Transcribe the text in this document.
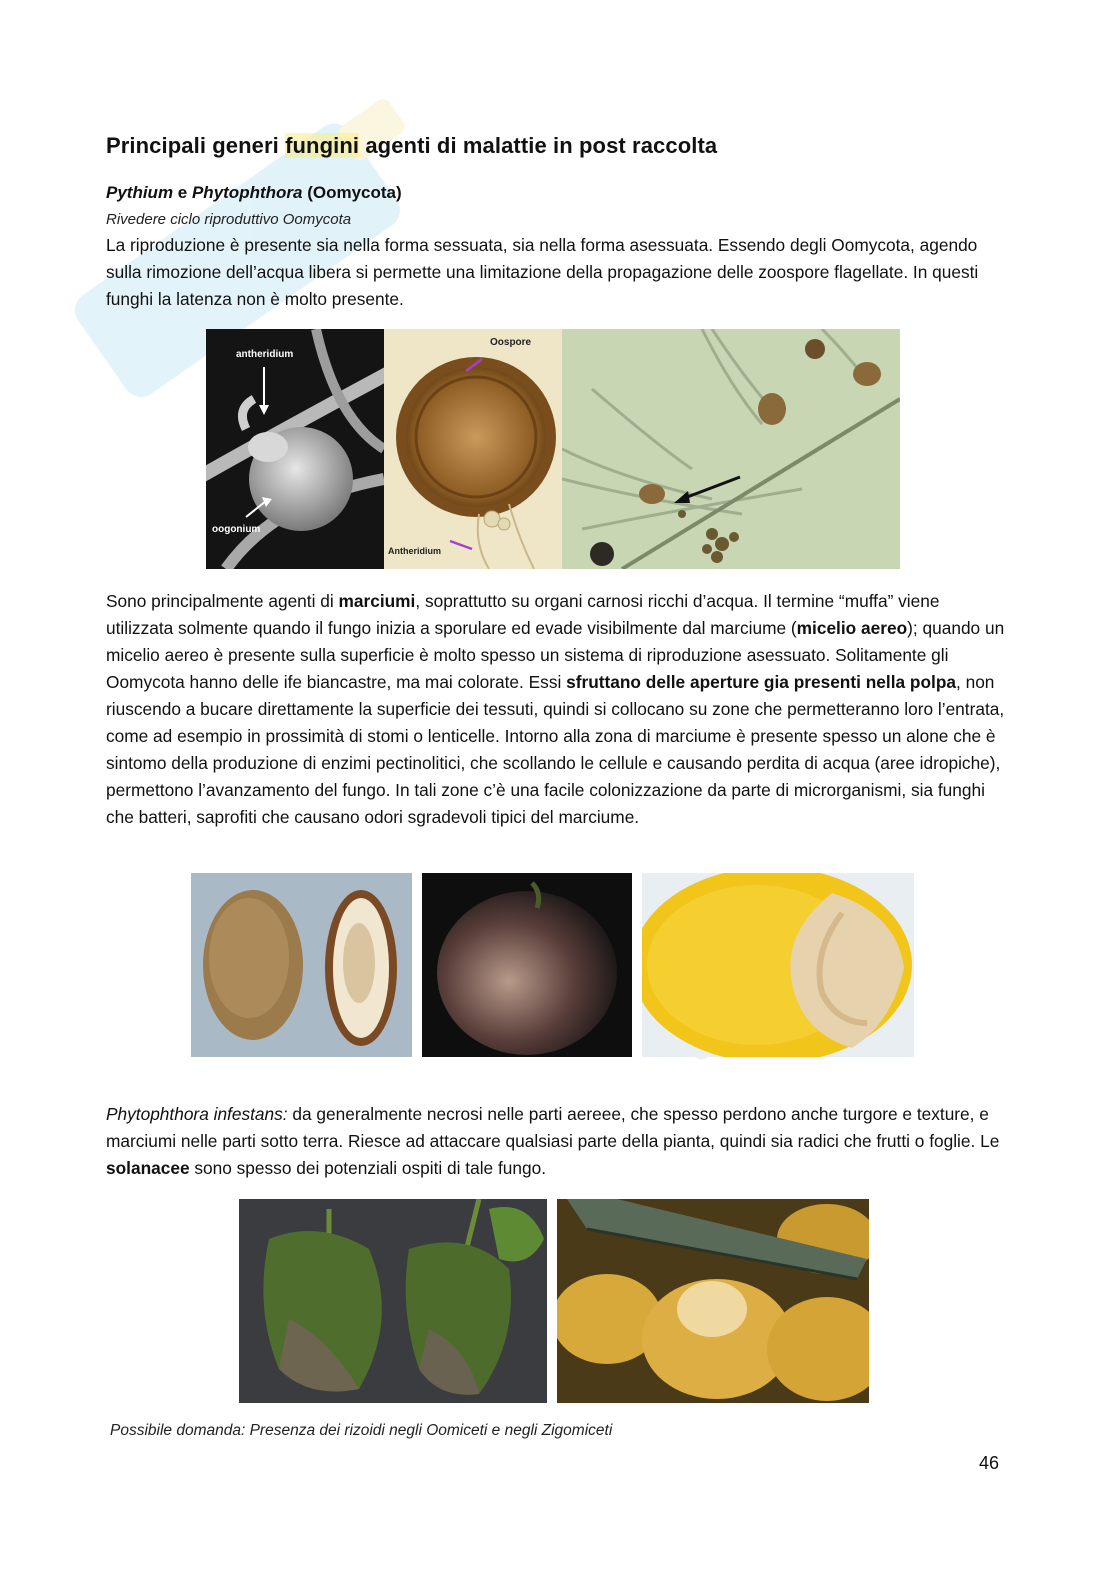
Principali generi fungini agenti di malattie in post raccolta

Pythium e Phytophthora (Oomycota)

Rivedere ciclo riproduttivo Oomycota

La riproduzione è presente sia nella forma sessuata, sia nella forma asessuata. Essendo degli Oomycota, agendo sulla rimozione dell’acqua libera si permette una limitazione della propagazione delle zoospore flagellate. In questi funghi la latenza non è molto presente.

antheridium
oogonium
Oospore
Antheridium

Sono principalmente agenti di marciumi, soprattutto su organi carnosi ricchi d’acqua. Il termine “muffa” viene utilizzata solmente quando il fungo inizia a sporulare ed evade visibilmente dal marciume (micelio aereo); quando un micelio aereo è presente sulla superficie è molto spesso un sistema di riproduzione asessuato. Solitamente gli Oomycota hanno delle ife biancastre, ma mai colorate. Essi sfruttano delle aperture gia presenti nella polpa, non riuscendo a bucare direttamente la superficie dei tessuti, quindi si collocano su zone che permetteranno loro l’entrata, come ad esempio in prossimità di stomi o lenticelle. Intorno alla zona di marciume è presente spesso un alone che è sintomo della produzione di enzimi pectinolitici, che scollando le cellule e causando perdita di acqua (aree idropiche), permettono l’avanzamento del fungo. In tali zone c’è una facile colonizzazione da parte di microrganismi, sia funghi che batteri, saprofiti che causano odori sgradevoli tipici del marciume.

Phytophthora infestans: da generalmente necrosi nelle parti aereee, che spesso perdono anche turgore e texture, e marciumi nelle parti sotto terra. Riesce ad attaccare qualsiasi parte della pianta, quindi sia radici che frutti o foglie. Le solanacee sono spesso dei potenziali ospiti di tale fungo.

Possibile domanda: Presenza dei rizoidi negli Oomiceti e negli Zigomiceti

46
